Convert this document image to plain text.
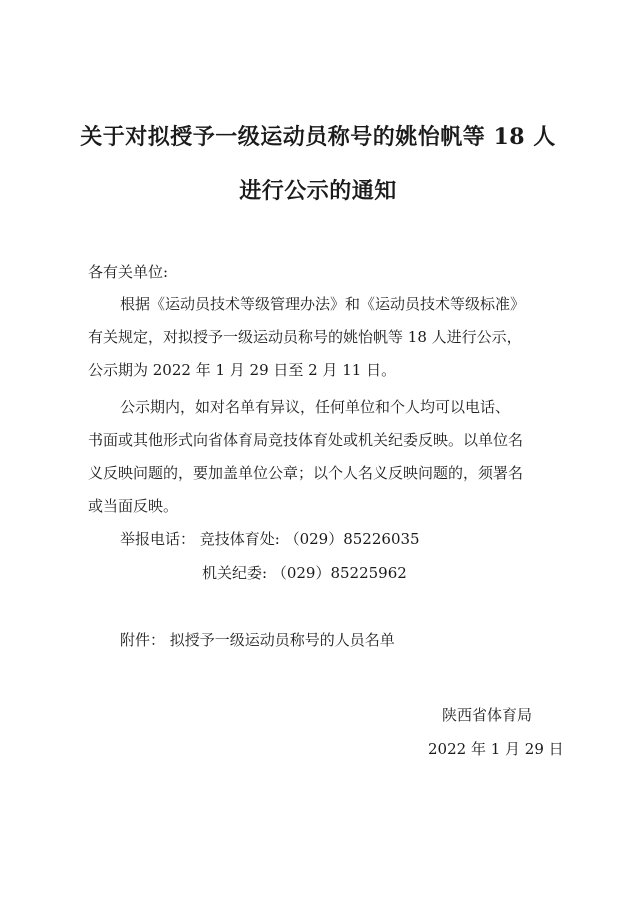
关于对拟授予一级运动员称号的姚怡帆等 18 人
进行公示的通知
各有关单位:
根据《运动员技术等级管理办法》和《运动员技术等级标准》
有关规定，对拟授予一级运动员称号的姚怡帆等 18 人进行公示，
公示期为 2022 年 1 月 29 日至 2 月 11 日。
公示期内，如对名单有异议，任何单位和个人均可以电话、
书面或其他形式向省体育局竞技体育处或机关纪委反映。以单位名
义反映问题的，要加盖单位公章；以个人名义反映问题的，须署名
或当面反映。
举报电话： 竞技体育处: （029）85226035
机关纪委: （029）85225962
附件： 拟授予一级运动员称号的人员名单
陕西省体育局
2022 年 1 月 29 日
